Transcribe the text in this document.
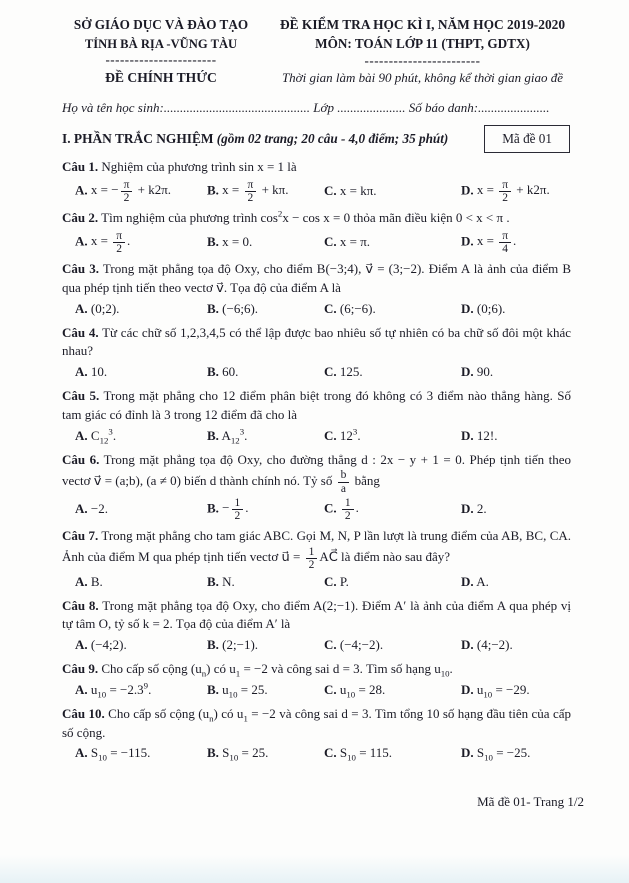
SỞ GIÁO DỤC VÀ ĐÀO TẠO
TỈNH BÀ RỊA -VŨNG TÀU
-----------------------
ĐỀ CHÍNH THỨC
ĐỀ KIỂM TRA HỌC KÌ I, NĂM HỌC 2019-2020
MÔN: TOÁN LỚP 11 (THPT, GDTX)
------------------------
Thời gian làm bài 90 phút, không kể thời gian giao đề
Họ và tên học sinh:............................................. Lớp ..................... Số báo danh:......................
I. PHẦN TRẮC NGHIỆM (gồm 02 trang; 20 câu - 4,0 điểm; 35 phút)	Mã đề 01

Câu 1. Nghiệm của phương trình sin x = 1 là

A. x = − $\frac{\pi}{2} + k2\pi$.	B. $x = \frac{\pi}{2} + k\pi$.	C. x = kπ.	D. $x = \frac{\pi}{2} + k2\pi$.

Câu 2. Tìm nghiệm của phương trình $\cos^2x - \cos x = 0$ thỏa mãn điều kiện 0 < x < π .

A. $x = \frac{\pi}{2}$ .	B. x = 0.	C. x = π.	D. $x = \frac{\pi}{4}$ .

Câu 3. Trong mặt phẳng tọa độ Oxy, cho điểm B(−3;4), v⃗ = (3;−2). Điểm A là ảnh của điểm B qua phép tịnh tiến theo vectơ v⃗. Tọa độ của điểm A là

A. (0;2).	B. (−6;6).	C. (6;−6).	D. (0;6).

Câu 4. Từ các chữ số 1,2,3,4,5 có thể lập được bao nhiêu số tự nhiên có ba chữ số đôi một khác nhau?

A. 10.	B. 60.	C. 125.	D. 90.

Câu 5. Trong mặt phẳng cho 12 điểm phân biệt trong đó không có 3 điểm nào thẳng hàng. Số tam giác có đỉnh là 3 trong 12 điểm đã cho là

A. $C_{12}^3$.	B. $A_{12}^3$.	C. $12^3$.	D. 12!.

Câu 6. Trong mặt phẳng tọa độ Oxy, cho đường thẳng d : 2x − y + 1 = 0. Phép tịnh tiến theo vectơ v⃗ = (a;b), (a ≠ 0) biến d thành chính nó. Tỷ số $\frac{b}{a}$ bằng

A. −2.	B. − $\frac{1}{2}$ .	C. $\frac{1}{2}$ .	D. 2.

Câu 7. Trong mặt phẳng cho tam giác ABC. Gọi M, N, P lần lượt là trung điểm của AB, BC, CA. Ảnh của điểm M qua phép tịnh tiến vectơ u⃗ = $\frac{1}{2}$ AC⃗ là điểm nào sau đây?

A. B.	B. N.	C. P.	D. A.

Câu 8. Trong mặt phẳng tọa độ Oxy, cho điểm A(2;−1). Điểm A′ là ảnh của điểm A qua phép vị tự tâm O, tỷ số k = 2. Tọa độ của điểm A′ là

A. (−4;2).	B. (2;−1).	C. (−4;−2).	D. (4;−2).

Câu 9. Cho cấp số cộng $(u_n)$ có $u_1 = -2$ và công sai d = 3. Tìm số hạng $u_{10}$.

A. $u_{10} = -2.3^9$.	B. $u_{10} = 25$.	C. $u_{10} = 28$.	D. $u_{10} = -29$.

Câu 10. Cho cấp số cộng $(u_n)$ có $u_1 = -2$ và công sai d = 3. Tìm tổng 10 số hạng đầu tiên của cấp số cộng.

A. $S_{10} = -115$.	B. $S_{10} = 25$.	C. $S_{10} = 115$.	D. $S_{10} = -25$.
Mã đề 01- Trang 1/2
